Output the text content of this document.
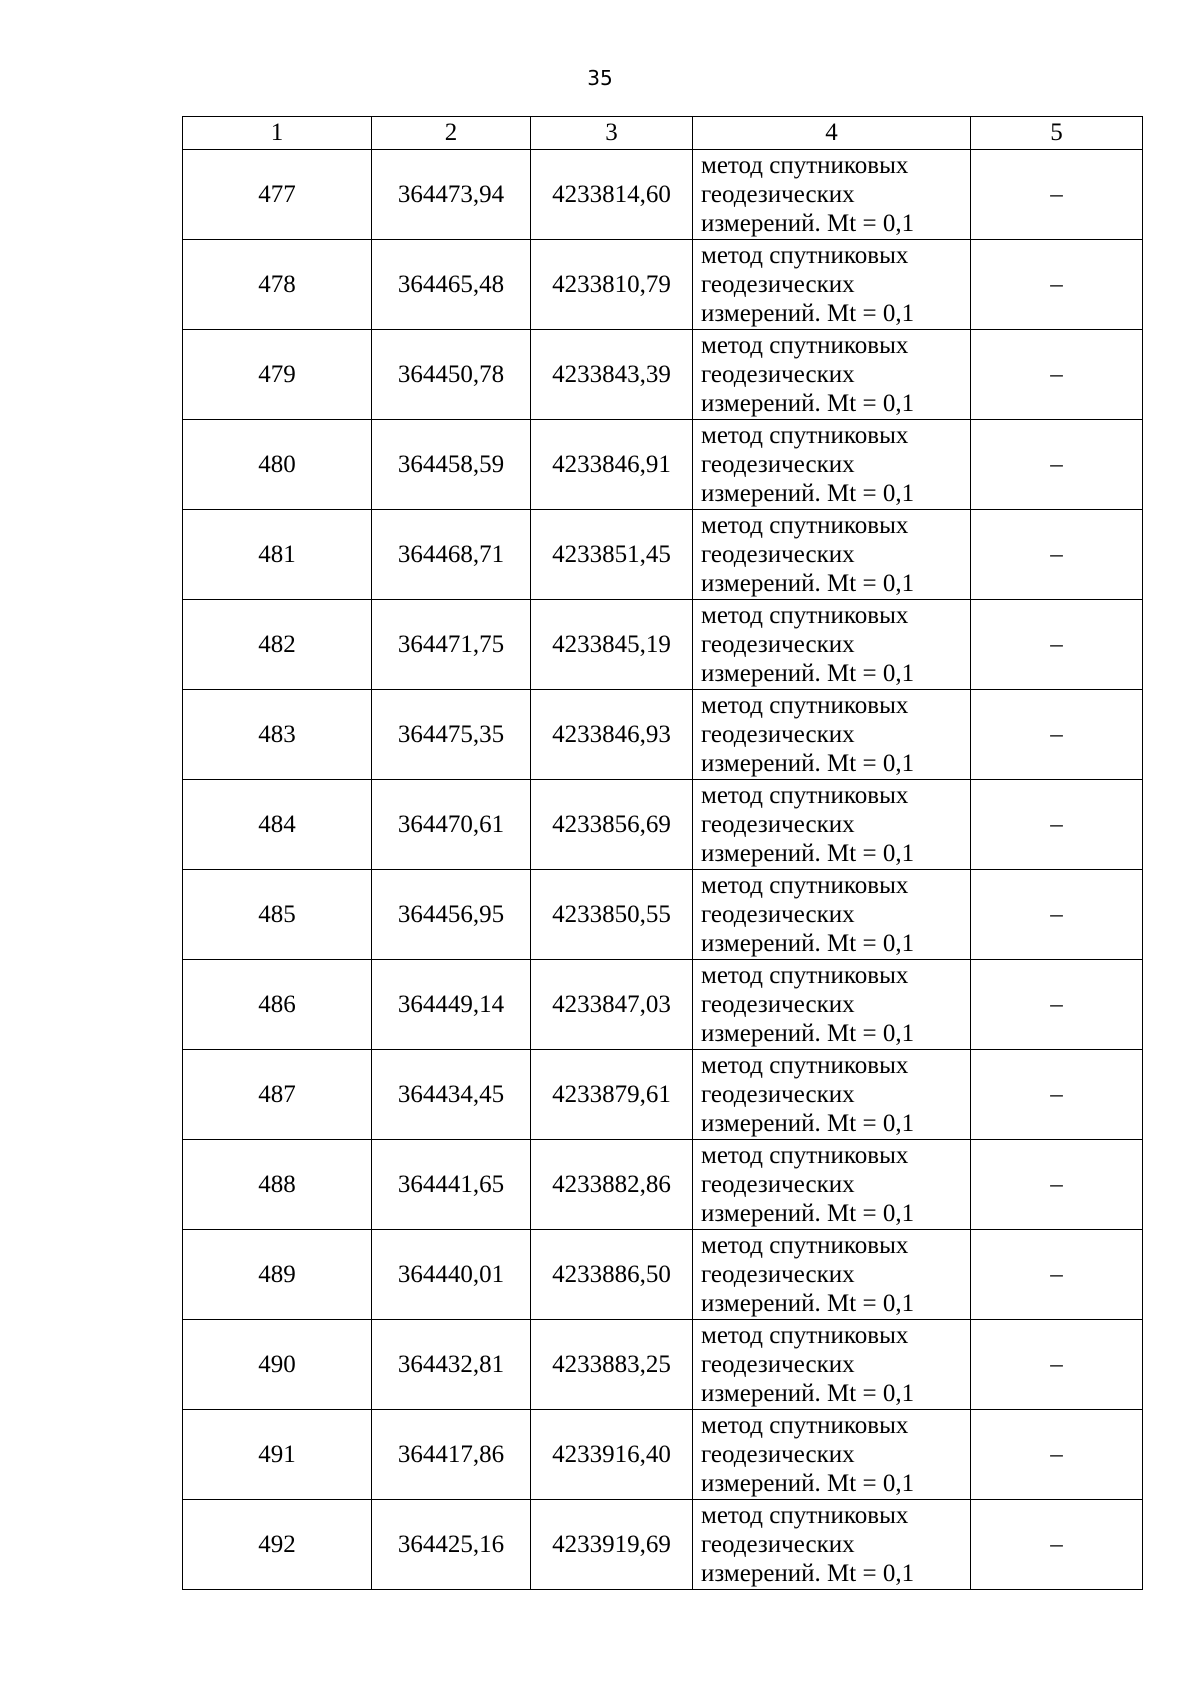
35
1	2	3	4	5
477	364473,94	4233814,60	метод спутниковых
геодезических
измерений. Mt = 0,1	–
478	364465,48	4233810,79	метод спутниковых
геодезических
измерений. Mt = 0,1	–
479	364450,78	4233843,39	метод спутниковых
геодезических
измерений. Mt = 0,1	–
480	364458,59	4233846,91	метод спутниковых
геодезических
измерений. Mt = 0,1	–
481	364468,71	4233851,45	метод спутниковых
геодезических
измерений. Mt = 0,1	–
482	364471,75	4233845,19	метод спутниковых
геодезических
измерений. Mt = 0,1	–
483	364475,35	4233846,93	метод спутниковых
геодезических
измерений. Mt = 0,1	–
484	364470,61	4233856,69	метод спутниковых
геодезических
измерений. Mt = 0,1	–
485	364456,95	4233850,55	метод спутниковых
геодезических
измерений. Mt = 0,1	–
486	364449,14	4233847,03	метод спутниковых
геодезических
измерений. Mt = 0,1	–
487	364434,45	4233879,61	метод спутниковых
геодезических
измерений. Mt = 0,1	–
488	364441,65	4233882,86	метод спутниковых
геодезических
измерений. Mt = 0,1	–
489	364440,01	4233886,50	метод спутниковых
геодезических
измерений. Mt = 0,1	–
490	364432,81	4233883,25	метод спутниковых
геодезических
измерений. Mt = 0,1	–
491	364417,86	4233916,40	метод спутниковых
геодезических
измерений. Mt = 0,1	–
492	364425,16	4233919,69	метод спутниковых
геодезических
измерений. Mt = 0,1	–
